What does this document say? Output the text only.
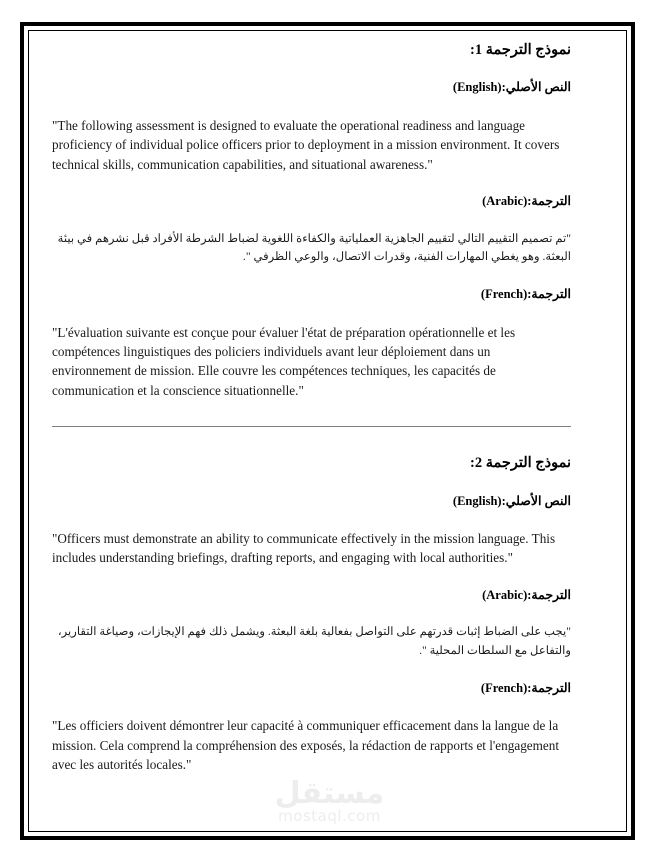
نموذج الترجمة 1:

النص الأصلي:(English)

"The following assessment is designed to evaluate the operational readiness and language proficiency of individual police officers prior to deployment in a mission environment. It covers technical skills, communication capabilities, and situational awareness."

الترجمة:(Arabic)

"تم تصميم التقييم التالي لتقييم الجاهزية العملياتية والكفاءة اللغوية لضباط الشرطة الأفراد قبل نشرهم في بيئة البعثة. وهو يغطي المهارات الفنية، وقدرات الاتصال، والوعي الظرفي ".

الترجمة:(French)

"L'évaluation suivante est conçue pour évaluer l'état de préparation opérationnelle et les compétences linguistiques des policiers individuels avant leur déploiement dans un environnement de mission. Elle couvre les compétences techniques, les capacités de communication et la conscience situationnelle."

نموذج الترجمة 2:

النص الأصلي:(English)

"Officers must demonstrate an ability to communicate effectively in the mission language. This includes understanding briefings, drafting reports, and engaging with local authorities."

الترجمة:(Arabic)

"يجب على الضباط إثبات قدرتهم على التواصل بفعالية بلغة البعثة. ويشمل ذلك فهم الإيجازات، وصياغة التقارير، والتفاعل مع السلطات المحلية ".

الترجمة:(French)

"Les officiers doivent démontrer leur capacité à communiquer efficacement dans la langue de la mission. Cela comprend la compréhension des exposés, la rédaction de rapports et l'engagement avec les autorités locales."

مستقل
mostaql.com
